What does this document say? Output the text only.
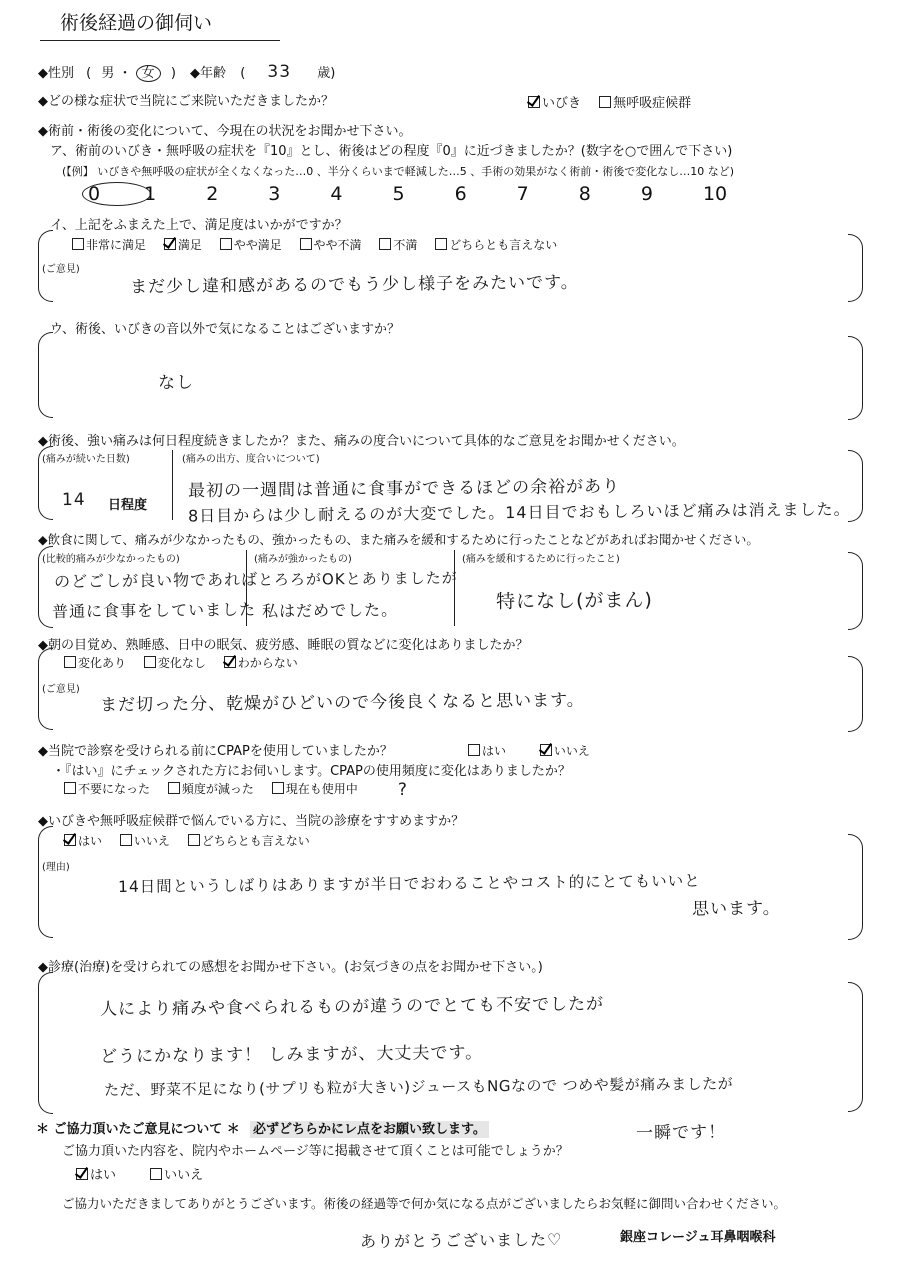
術後経過の御伺い
◆性別 ( 男 ・ 女 ) ◆年齢 ( 33 歳)
◆どの様な症状で当院にご来院いただきましたか？	いびき 無呼吸症候群
◆術前・術後の変化について、今現在の状況をお聞かせ下さい。
ア、術前のいびき・無呼吸の症状を『10』とし、術後はどの程度『0』に近づきましたか？(数字を○で囲んで下さい)
(【例】 いびきや無呼吸の症状が全くなくなった…0 、半分くらいまで軽減した…5 、手術の効果がなく術前・術後で変化なし…10 など)
0 1	2	3	4	5	6	7	8	9	10
イ、上記をふまえた上で、満足度はいかがですか？
非常に満足	満足	やや満足	やや不満	不満	どちらとも言えない
(ご意見)
まだ少し違和感があるのでもう少し様子をみたいです。
ウ、術後、いびきの音以外で気になることはございますか？
なし
◆術後、強い痛みは何日程度続きましたか？また、痛みの度合いについて具体的なご意見をお聞かせください。
(痛みが続いた日数)
14 日程度
(痛みの出方、度合いについて)
最初の一週間は普通に食事ができるほどの余裕があり
8日目からは少し耐えるのが大変でした。14日目でおもしろいほど痛みは消えました。
◆飲食に関して、痛みが少なかったもの、強かったもの、また痛みを緩和するために行ったことなどがあればお聞かせください。
(比較的痛みが少なかったもの)
のどごしが良い物であれば
普通に食事をしていました
(痛みが強かったもの)
とろろがOKとありましたが
私はだめでした。
(痛みを緩和するために行ったこと)
特になし(がまん)
◆朝の目覚め、熟睡感、日中の眠気、疲労感、睡眠の質などに変化はありましたか？
変化あり	変化なし	わからない
(ご意見)
まだ切った分、乾燥がひどいので今後良くなると思います。
◆当院で診察を受けられる前にCPAPを使用していましたか？	はい	いいえ
・『はい』にチェックされた方にお伺いします。CPAPの使用頻度に変化はありましたか？
不要になった	頻度が減った	現在も使用中	?
◆いびきや無呼吸症候群で悩んでいる方に、当院の診療をすすめますか？
はい	いいえ	どちらとも言えない
(理由)
14日間というしばりはありますが半日でおわることやコスト的にとてもいいと
思います。
◆診療(治療)を受けられての感想をお聞かせ下さい。(お気づきの点をお聞かせ下さい。)
人により痛みや食べられるものが違うのでとても不安でしたが
どうにかなります！ しみますが、大丈夫です。
ただ、野菜不足になり(サプリも粒が大きい)ジュースもNGなので つめや髪が痛みましたが
一瞬です！
＊ ご協力頂いたご意見について ＊ 必ずどちらかにレ点をお願い致します。
ご協力頂いた内容を、院内やホームページ等に掲載させて頂くことは可能でしょうか？
はい	いいえ
ご協力いただきましてありがとうございます。術後の経過等で何か気になる点がございましたらお気軽に御問い合わせください。
ありがとうございました♡	銀座コレージュ耳鼻咽喉科
